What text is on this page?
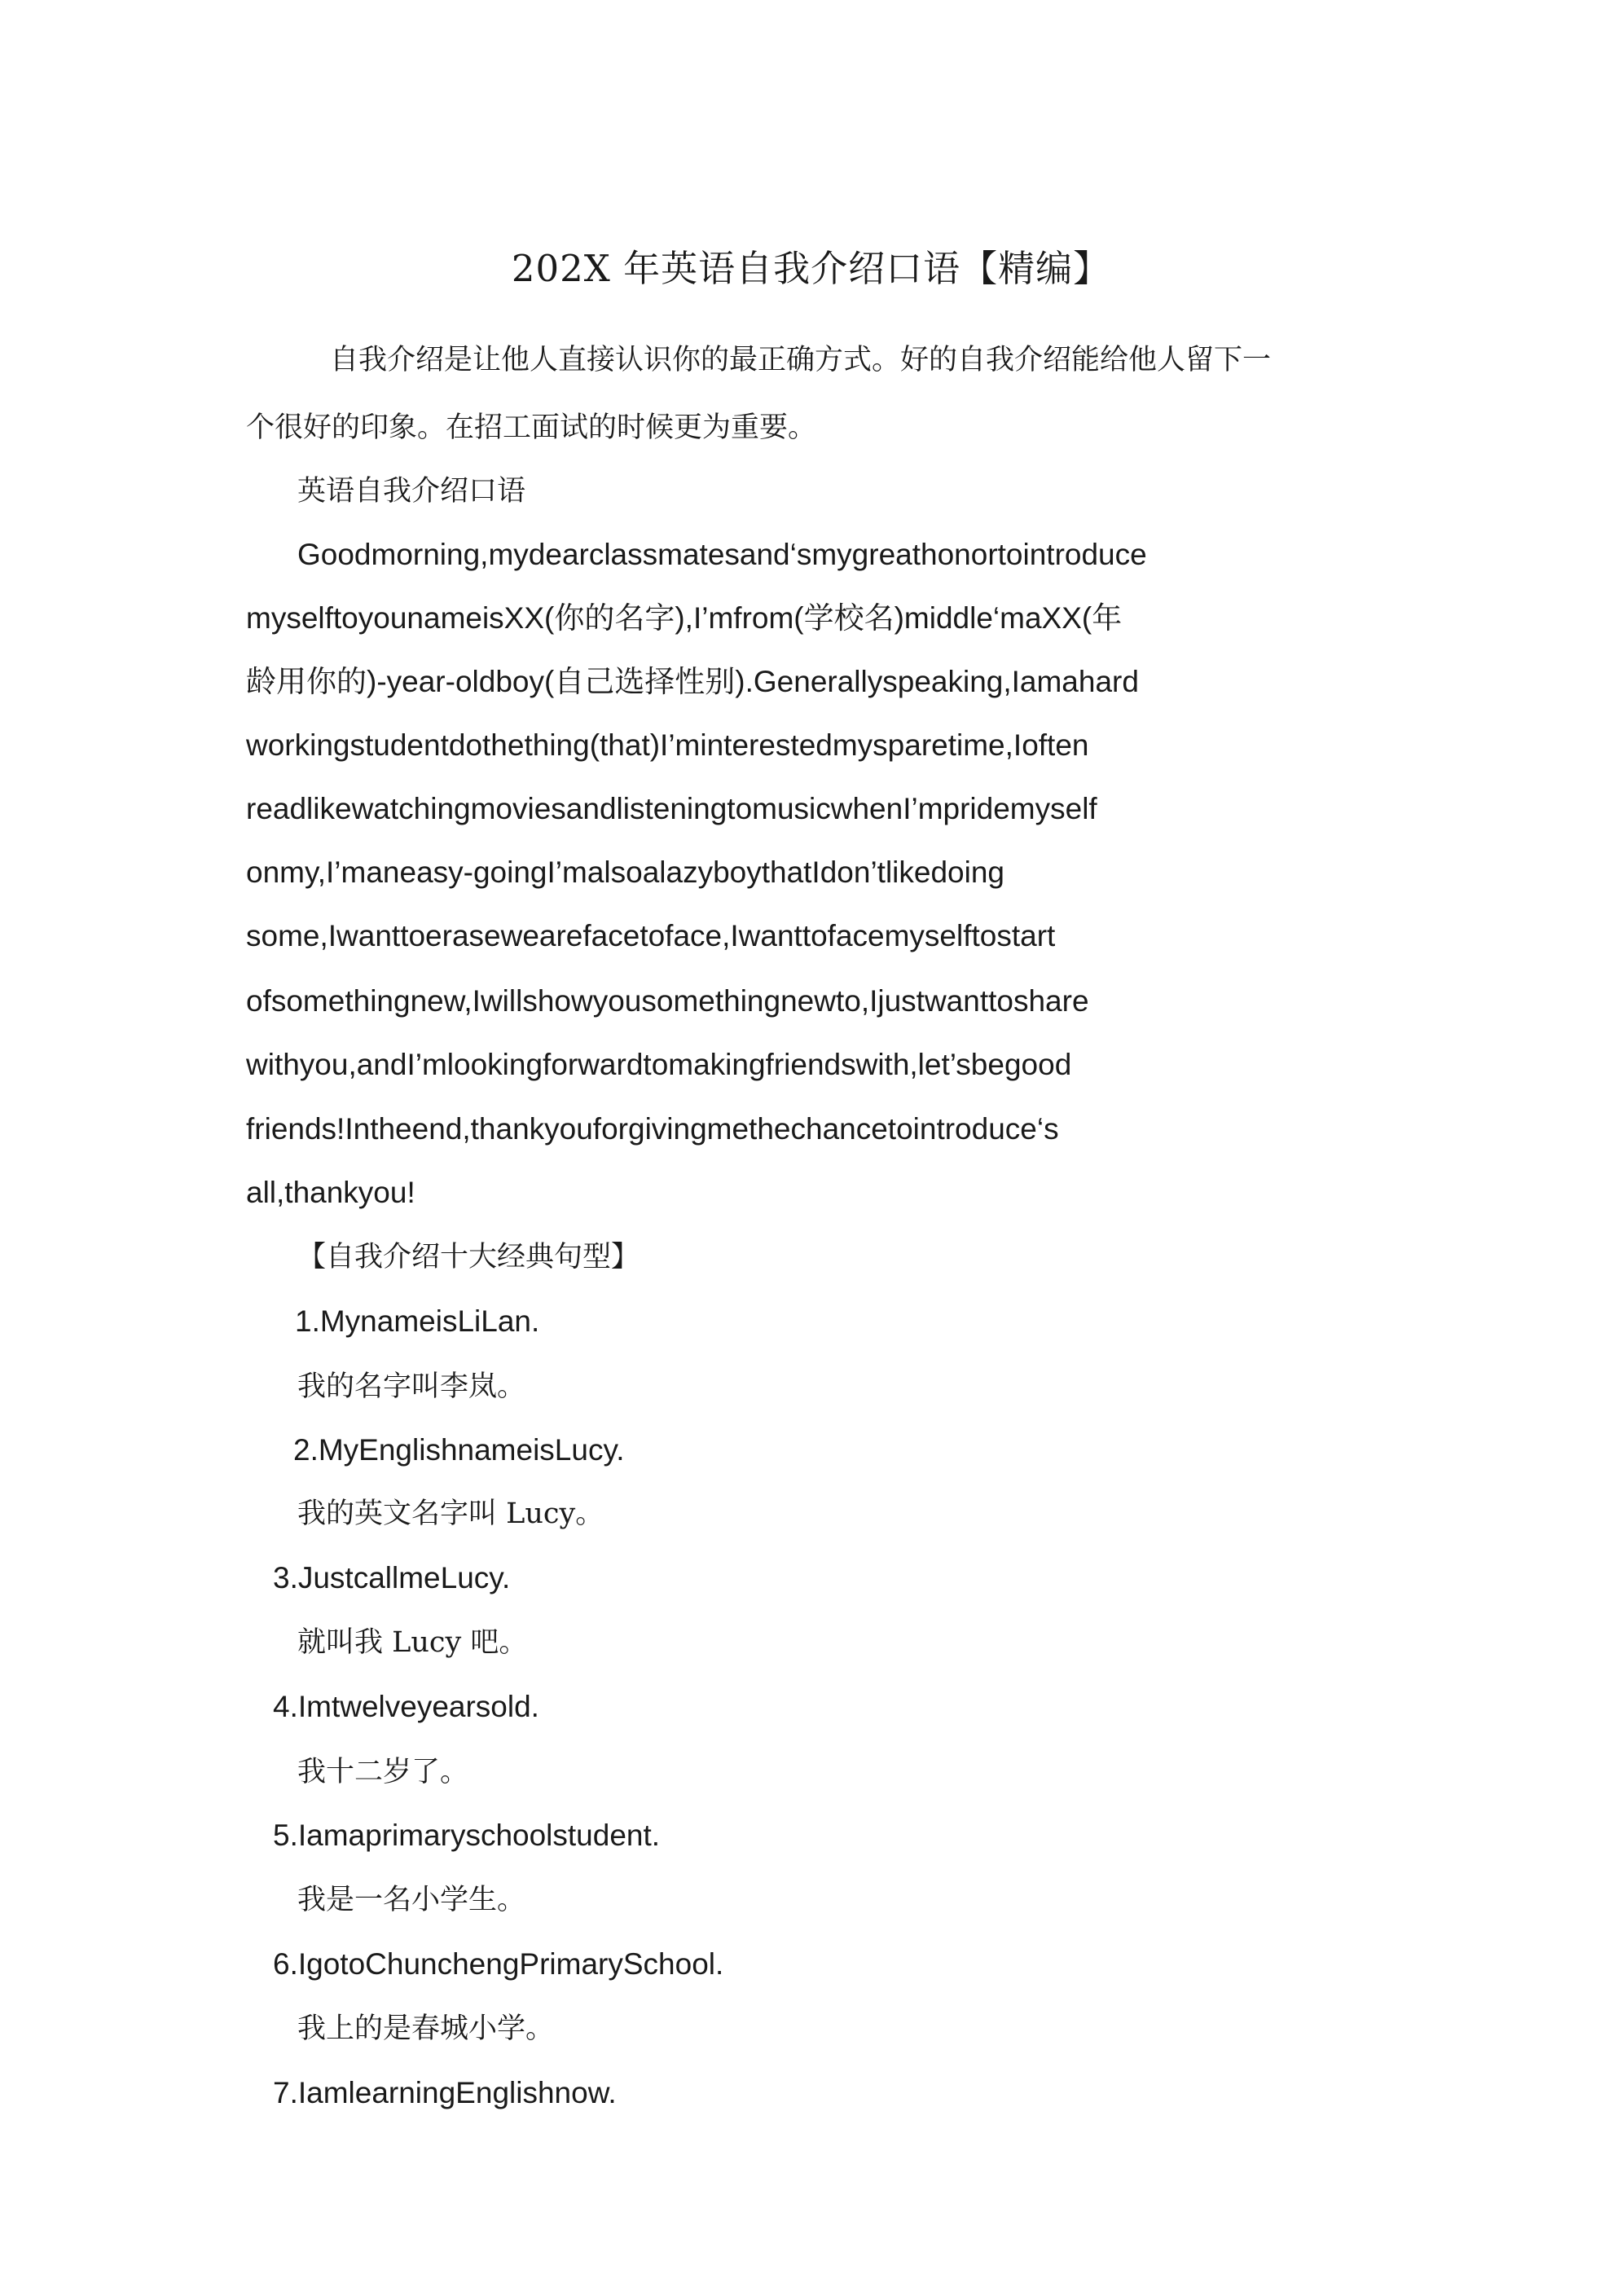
202X 年英语自我介绍口语【精编】
自我介绍是让他人直接认识你的最正确方式。好的自我介绍能给他人留下一
个很好的印象。在招工面试的时候更为重要。
英语自我介绍口语
Goodmorning,mydearclassmatesand‘smygreathonortointroduce
myselftoyounameisXX(你的名字),I’mfrom(学校名)middle‘maXX(年
龄用你的)-year-oldboy(自己选择性别).Generallyspeaking,Iamahard
workingstudentdothething(that)I’minterestedmysparetime,Ioften
readlikewatchingmoviesandlisteningtomusicwhenI’mpridemyself
onmy,I’maneasy-goingI’malsoalazyboythatIdon’tlikedoing
some,Iwanttoerasewearefacetoface,Iwanttofacemyselftostart
ofsomethingnew,Iwillshowyousomethingnewto,Ijustwanttoshare
withyou,andI’mlookingforwardtomakingfriendswith,let’sbegood
friends!Intheend,thankyouforgivingmethechancetointroduce‘s
all,thankyou!
【自我介绍十大经典句型】
1.MynameisLiLan.
我的名字叫李岚。
2.MyEnglishnameisLucy.
我的英文名字叫 Lucy。
3.JustcallmeLucy.
就叫我 Lucy 吧。
4.Imtwelveyearsold.
我十二岁了。
5.Iamaprimaryschoolstudent.
我是一名小学生。
6.IgotoChunchengPrimarySchool.
我上的是春城小学。
7.IamlearningEnglishnow.
